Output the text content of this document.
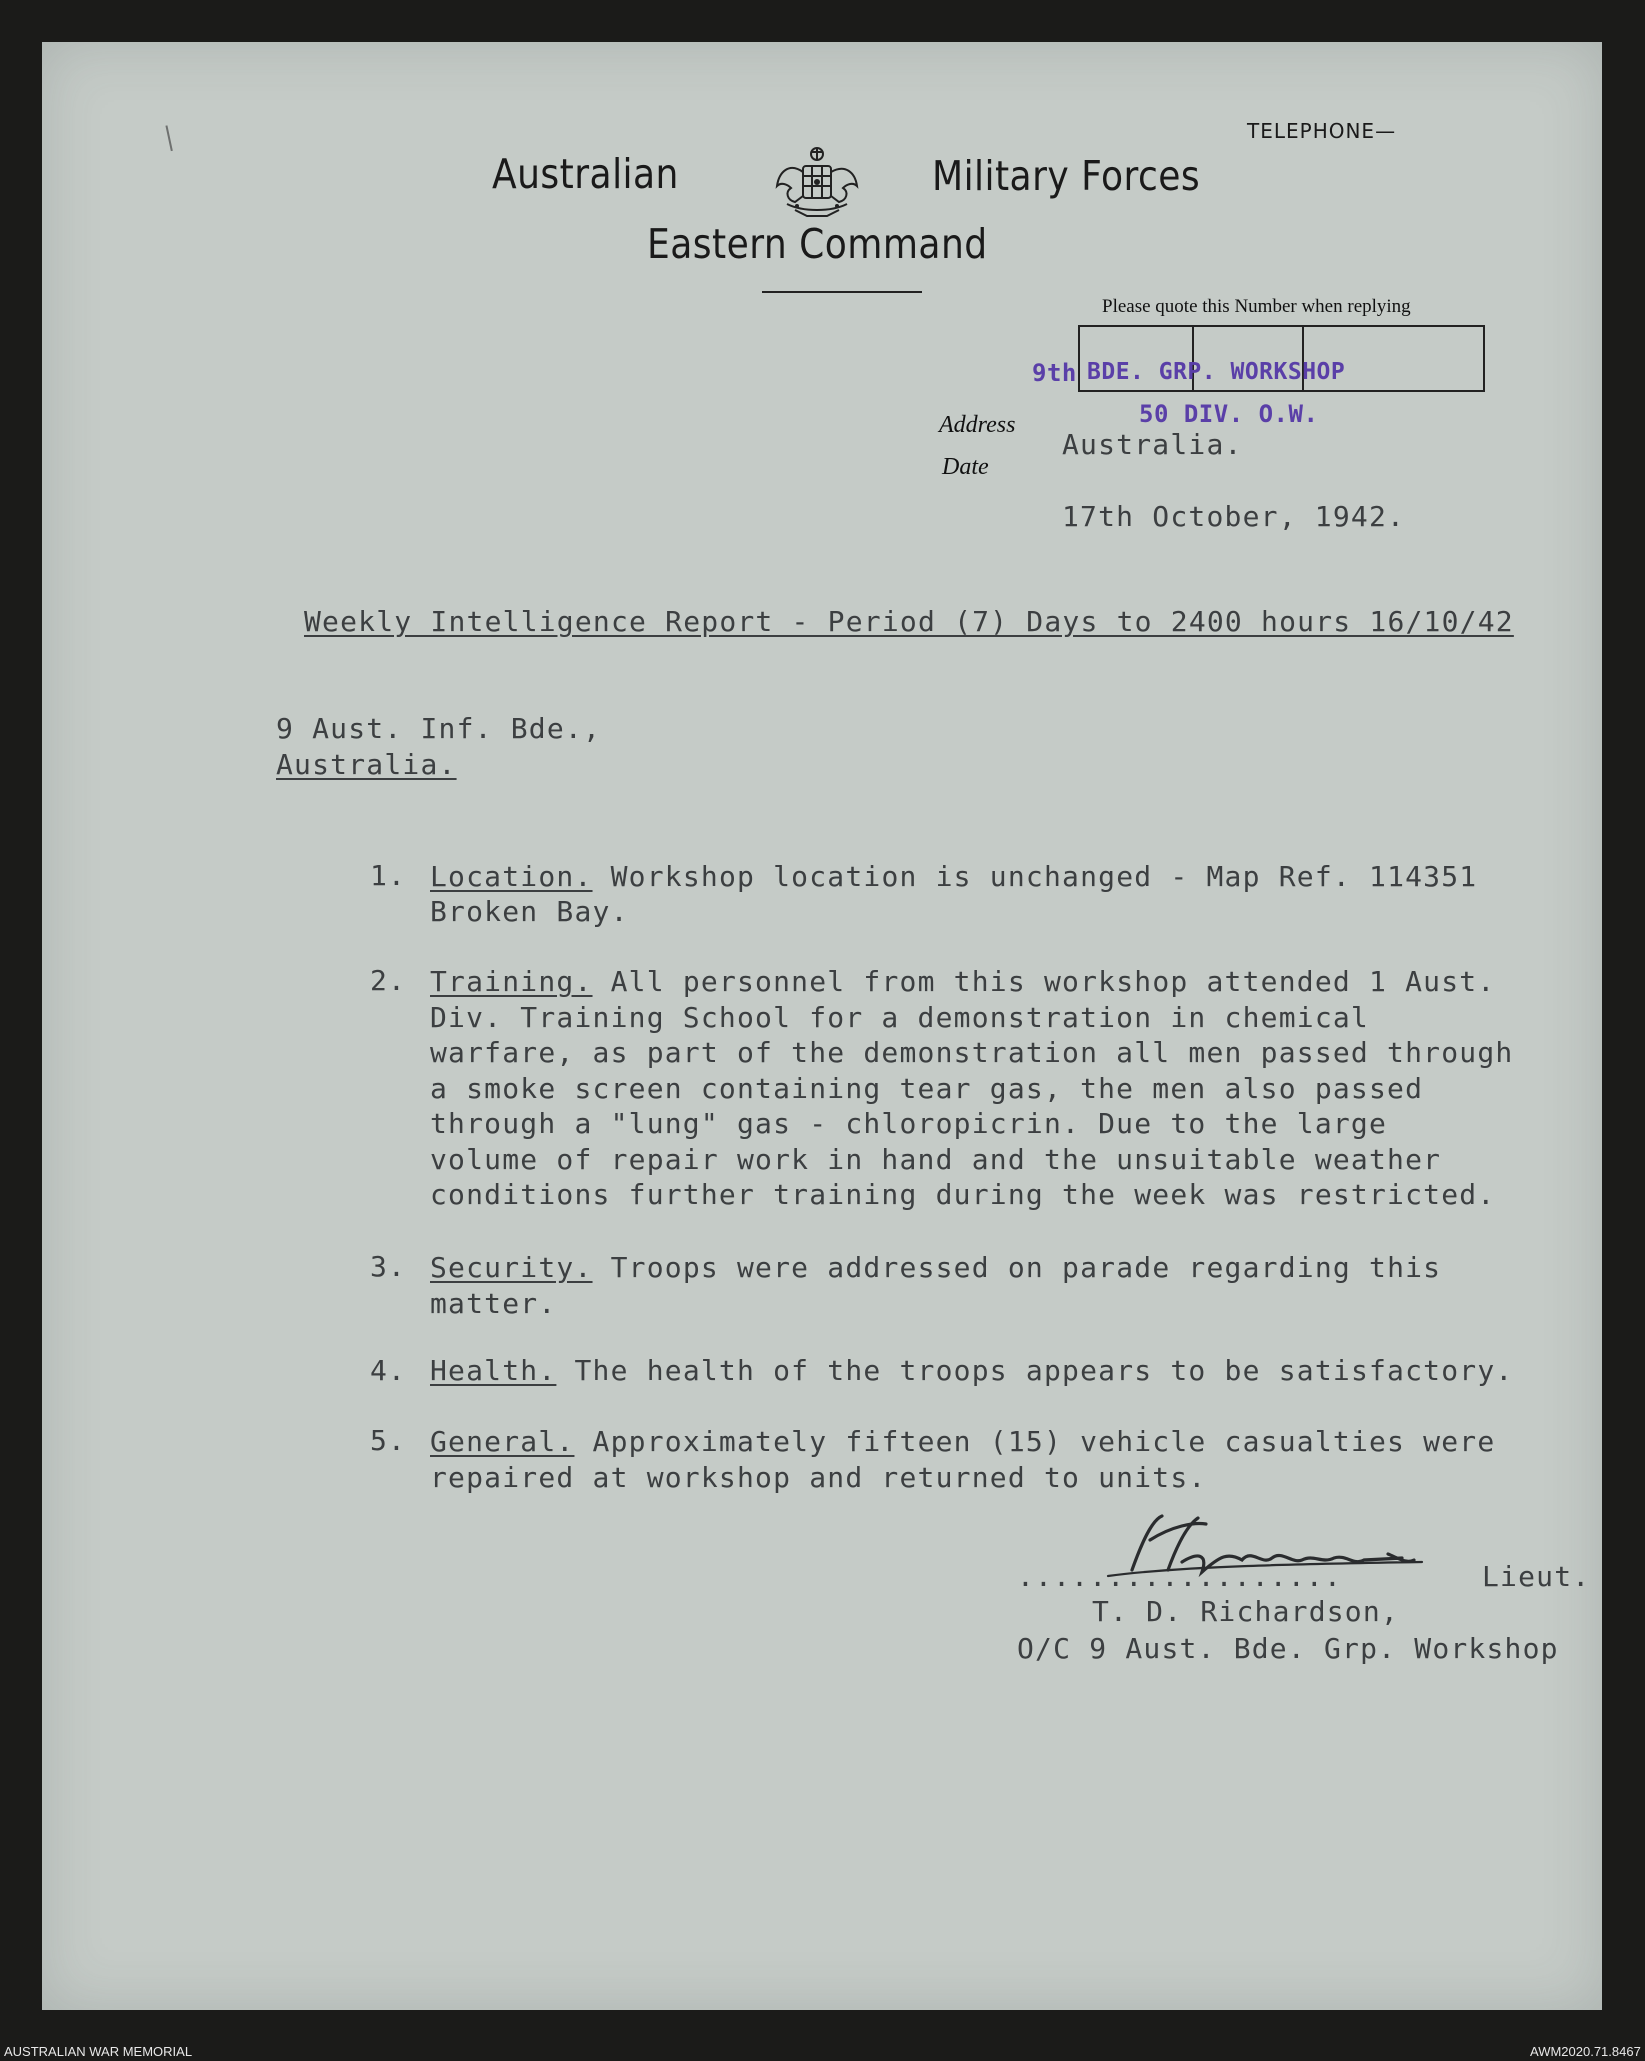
Australian	Military Forces
Eastern Command
TELEPHONE—
Please quote this Number when replying
9th BDE. GRP. WORKSHOP
50 DIV. O.W.
Address
Date
Australia.
17th October, 1942.
Weekly Intelligence Report - Period (7) Days to 2400 hours 16/10/42
9 Aust. Inf. Bde.,
Australia.
1. Location. Workshop location is unchanged - Map Ref. 114351
Broken Bay.
2. Training. All personnel from this workshop attended 1 Aust.
Div. Training School for a demonstration in chemical
warfare, as part of the demonstration all men passed through
a smoke screen containing tear gas, the men also passed
through a "lung" gas - chloropicrin. Due to the large
volume of repair work in hand and the unsuitable weather
conditions further training during the week was restricted.
3. Security. Troops were addressed on parade regarding this
matter.
4. Health. The health of the troops appears to be satisfactory.
5. General. Approximately fifteen (15) vehicle casualties were
repaired at workshop and returned to units.
..................	Lieut.
T. D. Richardson,
O/C 9 Aust. Bde. Grp. Workshop
AUSTRALIAN WAR MEMORIAL	AWM2020.71.8467
